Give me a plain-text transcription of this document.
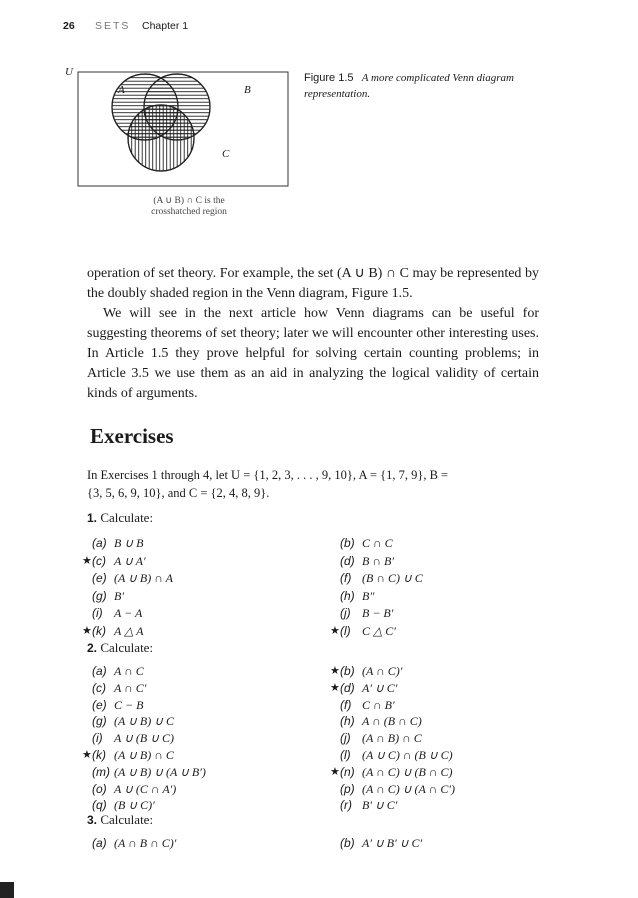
26 SETS Chapter 1
U
A	B
C
(A ∪ B) ∩ C is the
crosshatched region
Figure 1.5 A more complicated Venn diagram representation.

operation of set theory. For example, the set (A ∪ B) ∩ C may be represented by the doubly shaded region in the Venn diagram, Figure 1.5.

We will see in the next article how Venn diagrams can be useful for suggesting theorems of set theory; later we will encounter other interesting uses. In Article 1.5 they prove helpful for solving certain counting problems; in Article 3.5 we use them as an aid in analyzing the logical validity of certain kinds of arguments.

Exercises
In Exercises 1 through 4, let U = {1, 2, 3, . . . , 9, 10}, A = {1, 7, 9}, B =
{3, 5, 6, 9, 10}, and C = {2, 4, 8, 9}.
1. Calculate:
(a) B ∪ B	(b) C ∩ C
★ (c) A ∪ A′	(d) B ∩ B′
(e) (A ∪ B) ∩ A	(f) (B ∩ C) ∪ C
(g) B′	(h) B″
(i) A − A	(j) B − B′
★ (k) A △ A	★ (l) C △ C′
2. Calculate:
(a) A ∩ C	★ (b) (A ∩ C)′
(c) A ∩ C′	★ (d) A′ ∪ C′
(e) C − B	(f) C ∩ B′
(g) (A ∪ B) ∪ C	(h) A ∩ (B ∩ C)
(i) A ∪ (B ∪ C)	(j) (A ∩ B) ∩ C
★ (k) (A ∪ B) ∩ C	(l) (A ∪ C) ∩ (B ∪ C)
(m) (A ∪ B) ∪ (A ∪ B′)	★ (n) (A ∩ C) ∪ (B ∩ C)
(o) A ∪ (C ∩ A′)	(p) (A ∩ C) ∪ (A ∩ C′)
(q) (B ∪ C)′	(r) B′ ∪ C′
3. Calculate:
(a) (A ∩ B ∩ C)′	(b) A′ ∪ B′ ∪ C′
